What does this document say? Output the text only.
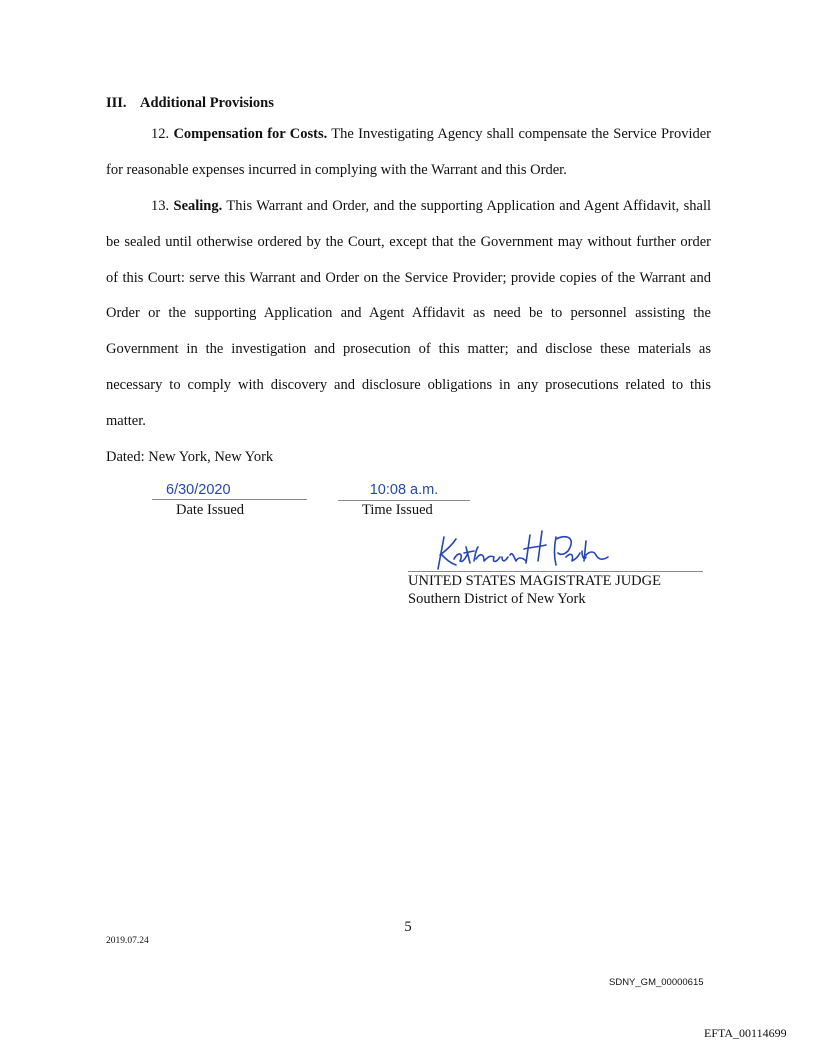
III. Additional Provisions

12. Compensation for Costs. The Investigating Agency shall compensate the Service Provider for reasonable expenses incurred in complying with the Warrant and this Order.

13. Sealing. This Warrant and Order, and the supporting Application and Agent Affidavit, shall be sealed until otherwise ordered by the Court, except that the Government may without further order of this Court: serve this Warrant and Order on the Service Provider; provide copies of the Warrant and Order or the supporting Application and Agent Affidavit as need be to personnel assisting the Government in the investigation and prosecution of this matter; and disclose these materials as necessary to comply with discovery and disclosure obligations in any prosecutions related to this matter.

Dated: New York, New York
6/30/2020	10:08 a.m.
Date Issued	Time Issued
UNITED STATES MAGISTRATE JUDGE
Southern District of New York
5
2019.07.24
SDNY_GM_00000615
EFTA_00114699
